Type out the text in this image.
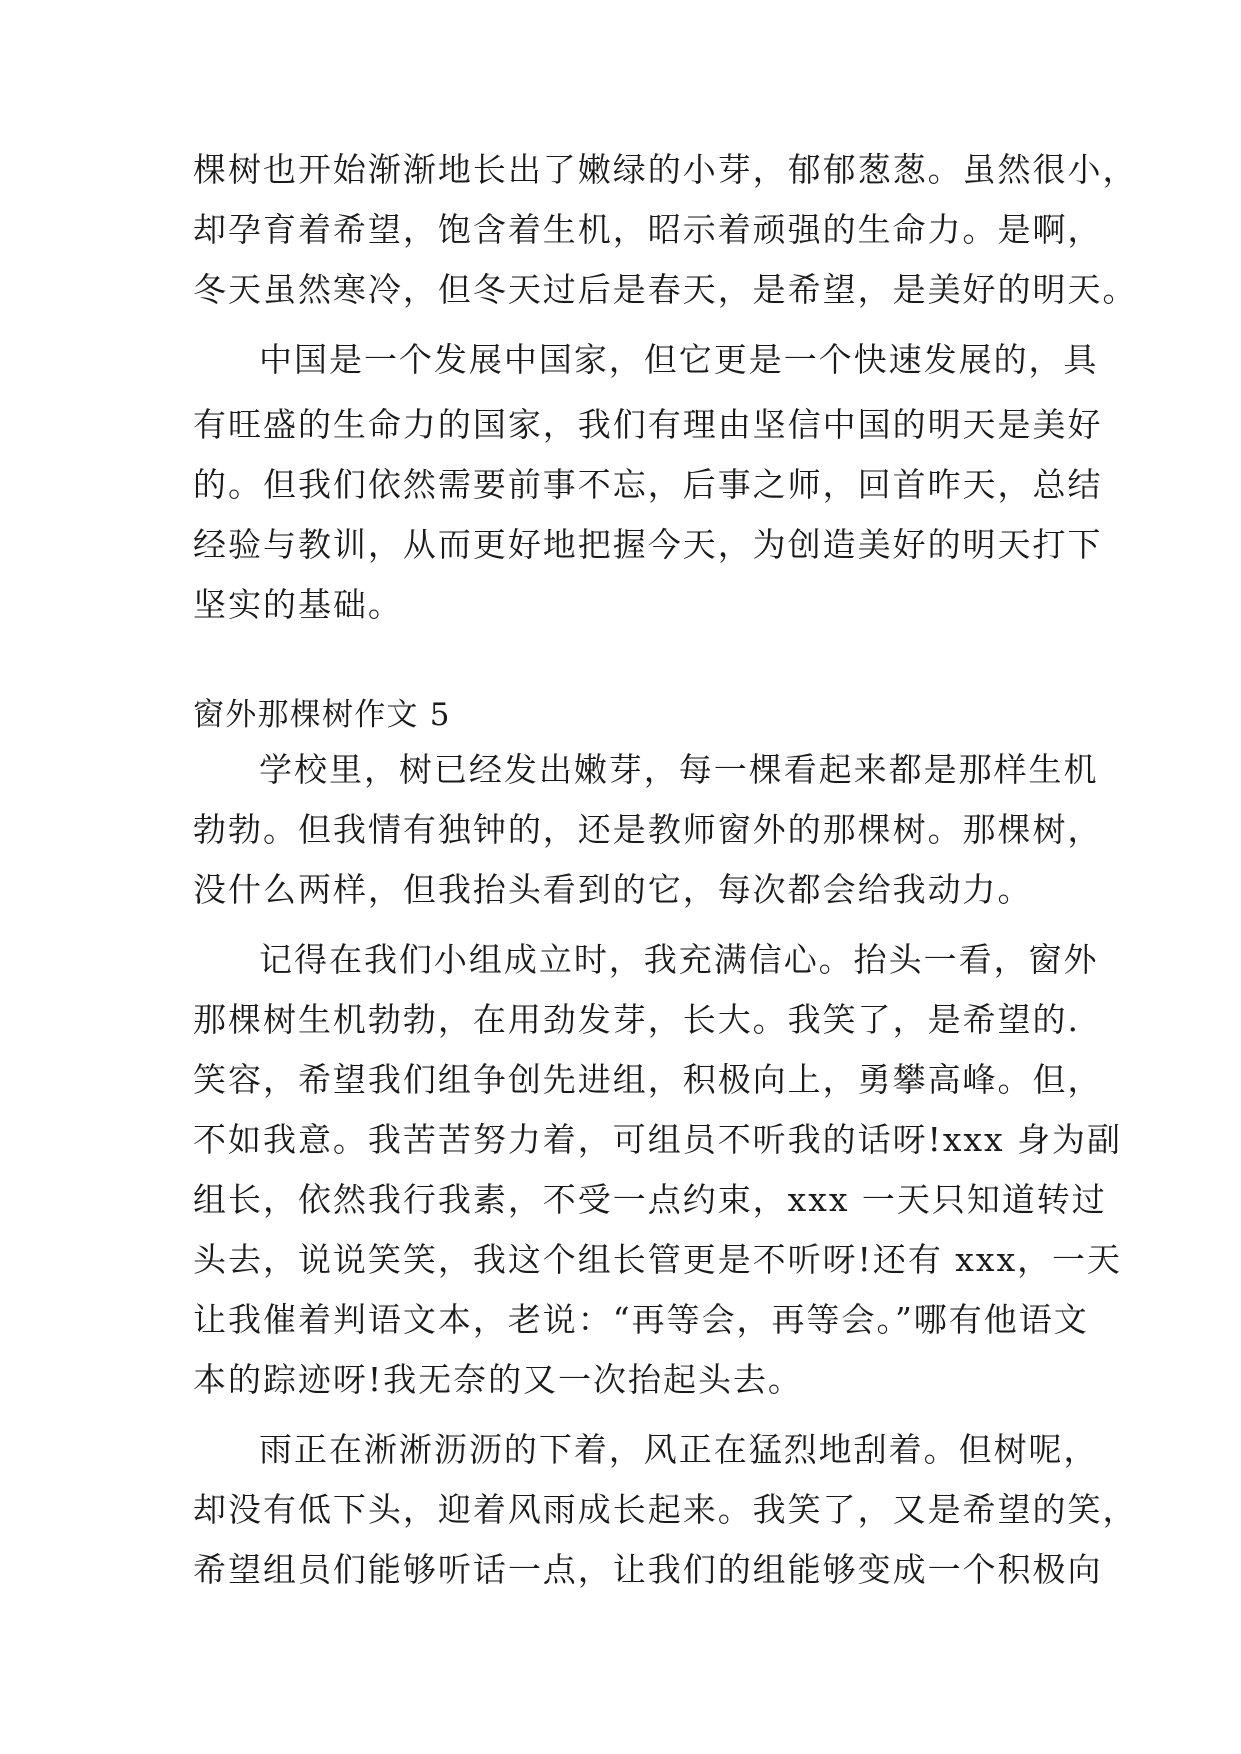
棵树也开始渐渐地长出了嫩绿的小芽，郁郁葱葱。虽然很小，
却孕育着希望，饱含着生机，昭示着顽强的生命力。是啊，
冬天虽然寒冷，但冬天过后是春天，是希望，是美好的明天。
中国是一个发展中国家，但它更是一个快速发展的，具
有旺盛的生命力的国家，我们有理由坚信中国的明天是美好
的。但我们依然需要前事不忘，后事之师，回首昨天，总结
经验与教训，从而更好地把握今天，为创造美好的明天打下
坚实的基础。
窗外那棵树作文 5
学校里，树已经发出嫩芽，每一棵看起来都是那样生机
勃勃。但我情有独钟的，还是教师窗外的那棵树。那棵树，
没什么两样，但我抬头看到的它，每次都会给我动力。
记得在我们小组成立时，我充满信心。抬头一看，窗外
那棵树生机勃勃，在用劲发芽，长大。我笑了，是希望的.
笑容，希望我们组争创先进组，积极向上，勇攀高峰。但，
不如我意。我苦苦努力着，可组员不听我的话呀!xxx 身为副
组长，依然我行我素，不受一点约束，xxx 一天只知道转过
头去，说说笑笑，我这个组长管更是不听呀!还有 xxx，一天
让我催着判语文本，老说：“再等会，再等会。”哪有他语文
本的踪迹呀!我无奈的又一次抬起头去。
雨正在淅淅沥沥的下着，风正在猛烈地刮着。但树呢，
却没有低下头，迎着风雨成长起来。我笑了，又是希望的笑，
希望组员们能够听话一点，让我们的组能够变成一个积极向
